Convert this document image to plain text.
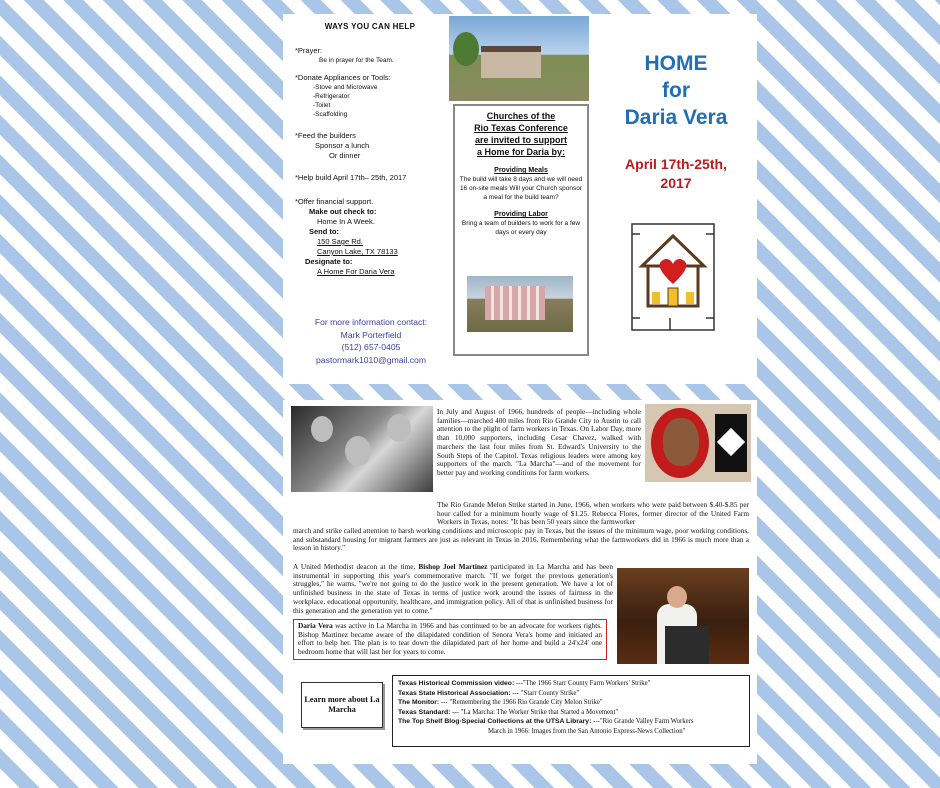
WAYS YOU CAN HELP
*Prayer:
Be in prayer for the Team.
*Donate Appliances or Tools:
-Stove and Microwave
-Refrigerator
-Toilet
-Scaffolding
*Feed the builders
Sponsor a lunch
Or dinner
*Help build April 17th– 25th, 2017
*Offer financial support.
Make out check to:
Home In A Week.
Send to:
150 Sage Rd.
Canyon Lake, TX 78133
Designate to:
A Home For Daria Vera
For more information contact:
Mark Porterfield
(512) 657-0405
pastormark1010@gmail.com
Churches of the
Rio Texas Conference
are invited to support
a Home for Daria by:
Providing Meals
The build will take 8 days and we will need 16 on-site meals Will your Church sponsor a meal for the build team?
Providing Labor
Bring a team of builders to work for a few days or every day
HOME
for
Daria Vera
April 17th-25th,
2017
In July and August of 1966, hundreds of people—including whole families—marched 400 miles from Rio Grande City to Austin to call attention to the plight of farm workers in Texas. On Labor Day, more than 10,000 supporters, including Cesar Chavez, walked with marchers the last four miles from St. Edward's University to the South Steps of the Capitol. Texas religious leaders were among key supporters of the march. "La Marcha"—and of the movement for better pay and working conditions for farm workers.
The Rio Grande Melon Strike started in June, 1966, when workers who were paid between $.40-$.85 per hour called for a minimum hourly wage of $1.25. Rebecca Flores, former director of the United Farm Workers in Texas, notes: "It has been 50 years since the farmworker
march and strike called attention to harsh working conditions and microscopic pay in Texas, but the issues of the minimum wage, poor working conditions, and substandard housing for migrant farmers are just as relevant in Texas in 2016. Remembering what the farmworkers did in 1966 is much more than a lesson in history."
A United Methodist deacon at the time, Bishop Joel Martinez participated in La Marcha and has been instrumental in supporting this year's commemorative march. "If we forget the previous generation's struggles," he warns, "we're not going to do the justice work in the present generation. We have a lot of unfinished business in the state of Texas in terms of justice work around the issues of fairness in the workplace, educational opportunity, healthcare, and immigration policy. All of that is unfinished business for this generation and the generation yet to come."
Daria Vera was active in La Marcha in 1966 and has continued to be an advocate for workers rights. Bishop Martinez became aware of the dilapidated condition of Senora Vera's home and initiated an effort to help her. The plan is to tear down the dilapidated part of her home and build a 24'x24' one bedroom home that will last her for years to come.
Learn more about La Marcha
Texas Historical Commission video: ---"The 1966 Starr County Farm Workers' Strike"
Texas State Historical Association: --- "Starr County Strike"
The Monitor: --- "Remembering the 1966 Rio Grande City Melon Strike"
Texas Standard: --- "La Marcha: The Worker Strike that Started a Movement"
The Top Shelf Blog-Special Collections at the UTSA Library: ---"Rio Grande Valley Farm Workers
March in 1966: Images from the San Antonio Express-News Collection"
